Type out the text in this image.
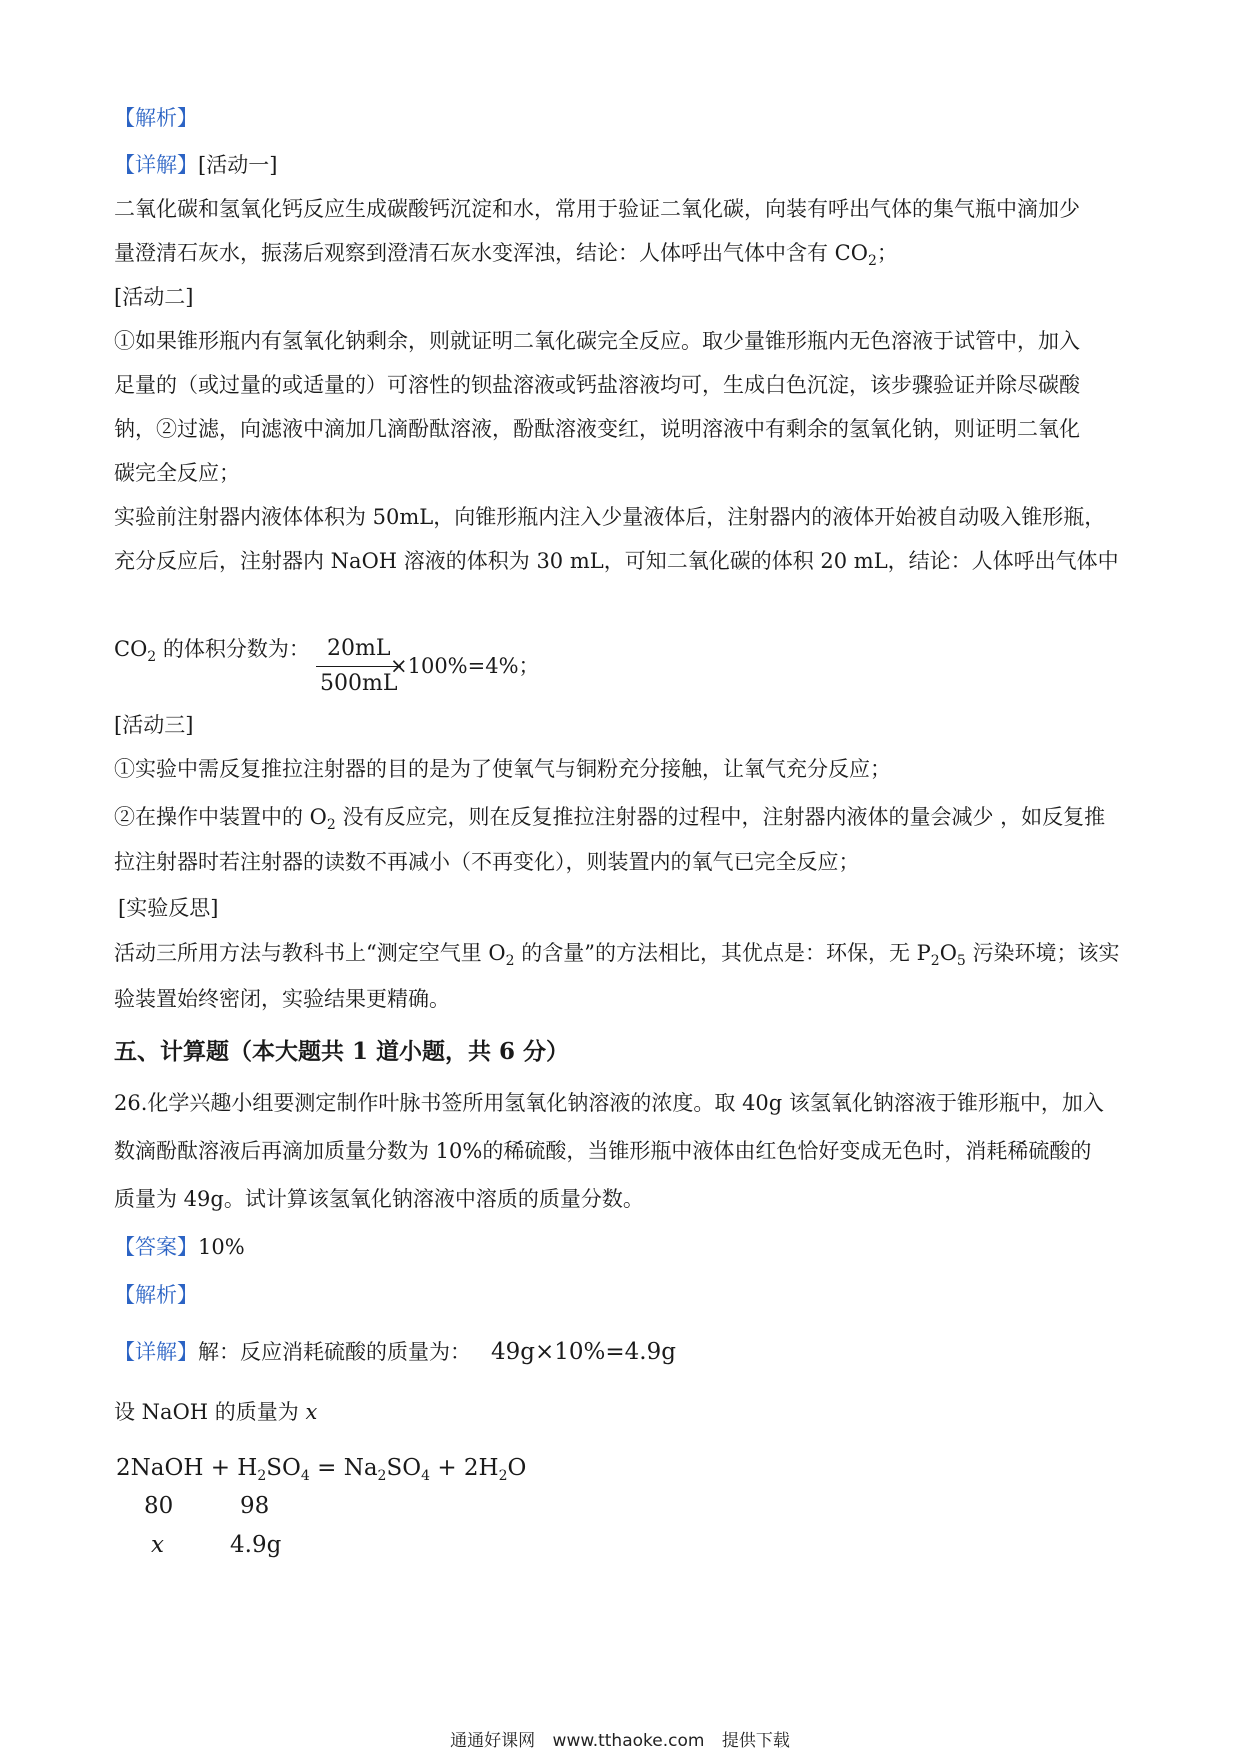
【解析】
【详解】[活动一]
二氧化碳和氢氧化钙反应生成碳酸钙沉淀和水，常用于验证二氧化碳，向装有呼出气体的集气瓶中滴加少
量澄清石灰水，振荡后观察到澄清石灰水变浑浊，结论：人体呼出气体中含有 $CO_2$；
[活动二]
①如果锥形瓶内有氢氧化钠剩余，则就证明二氧化碳完全反应。取少量锥形瓶内无色溶液于试管中，加入
足量的（或过量的或适量的）可溶性的钡盐溶液或钙盐溶液均可，生成白色沉淀，该步骤验证并除尽碳酸
钠，②过滤，向滤液中滴加几滴酚酞溶液，酚酞溶液变红，说明溶液中有剩余的氢氧化钠，则证明二氧化
碳完全反应；
实验前注射器内液体体积为 50mL，向锥形瓶内注入少量液体后，注射器内的液体开始被自动吸入锥形瓶，
充分反应后，注射器内 NaOH 溶液的体积为 30 mL，可知二氧化碳的体积 20 mL，结论：人体呼出气体中
$CO_2$ 的体积分数为： $\frac{20mL}{500mL}$
×100%=4%；
[活动三]
①实验中需反复推拉注射器的目的是为了使氧气与铜粉充分接触，让氧气充分反应；
②在操作中装置中的 $O_2$ 没有反应完，则在反复推拉注射器的过程中，注射器内液体的量会减少 ，如反复推
拉注射器时若注射器的读数不再减小（不再变化），则装置内的氧气已完全反应；
[实验反思]
活动三所用方法与教科书上“测定空气里 $O_2$ 的含量”的方法相比，其优点是：环保，无 $P_2O_5$ 污染环境；该实
验装置始终密闭，实验结果更精确。
五、计算题（本大题共 1 道小题，共 6 分）
26.化学兴趣小组要测定制作叶脉书签所用氢氧化钠溶液的浓度。取 40g 该氢氧化钠溶液于锥形瓶中，加入
数滴酚酞溶液后再滴加质量分数为 10%的稀硫酸，当锥形瓶中液体由红色恰好变成无色时，消耗稀硫酸的
质量为 49g。试计算该氢氧化钠溶液中溶质的质量分数。
【答案】10%
【解析】
【详解】解：反应消耗硫酸的质量为： 49g×10%=4.9g
设 NaOH 的质量为 x
2NaOH + $H_2SO_4 = Na_2SO_4 + 2H_2O$
80	98
x	4.9g
通通好课网 www.tthaoke.com 提供下载
